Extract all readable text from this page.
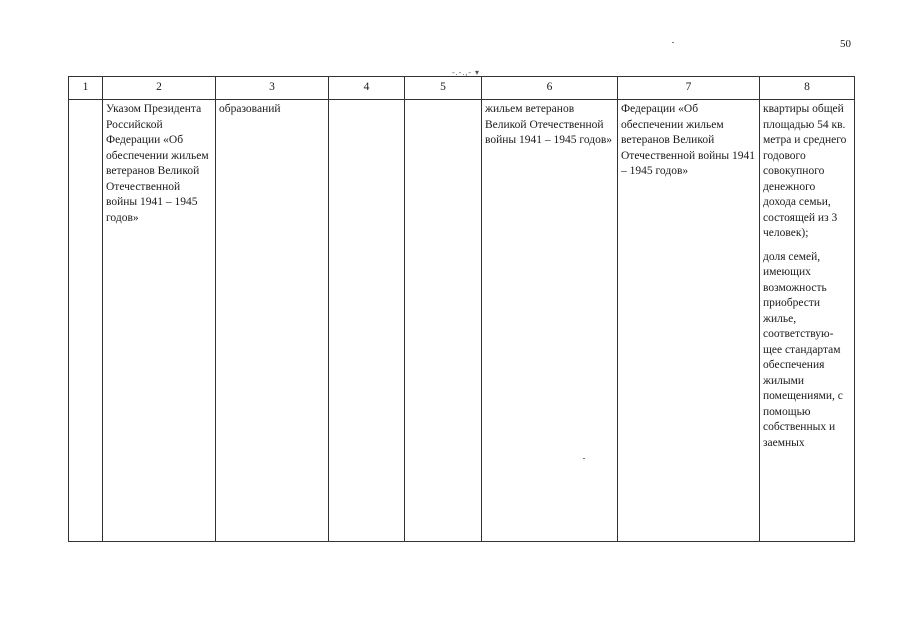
50
-.-.,- ▾
1	2	3	4	5	6	7	8
	Указом Президента Российской Федерации «Об обеспечении жильем ветеранов Великой Отечественной войны 1941 – 1945 годов»	образований			жильем ветеранов Великой Отечественной войны 1941 – 1945 годов»	Федерации «Об обеспечении жильем ветеранов Великой Отечественной войны 1941 – 1945 годов»	квартиры общей площадью 54 кв. метра и среднего годового совокупного денежного дохода семьи, состоящей из 3 человек);
доля семей, имеющих возможность приобрести жилье, соответствую-щее стандартам обеспечения жилыми помещениями, с помощью собственных и заемных
